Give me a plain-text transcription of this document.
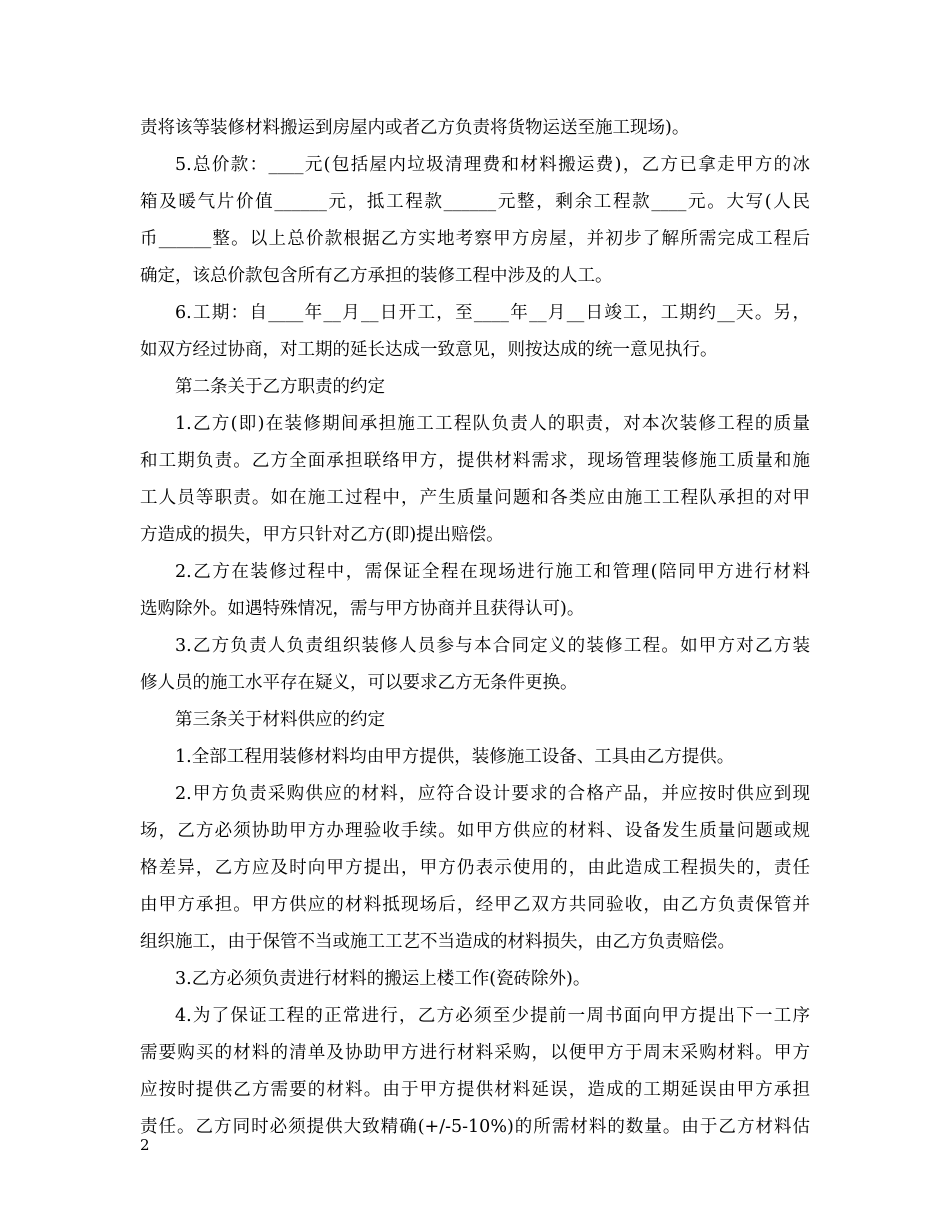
责将该等装修材料搬运到房屋内或者乙方负责将货物运送至施工现场)。
5.总价款：____元(包括屋内垃圾清理费和材料搬运费)，乙方已拿走甲方的冰
箱及暖气片价值______元，抵工程款______元整，剩余工程款____元。大写(人民
币______整。以上总价款根据乙方实地考察甲方房屋，并初步了解所需完成工程后
确定，该总价款包含所有乙方承担的装修工程中涉及的人工。
6.工期：自____年__月__日开工，至____年__月__日竣工，工期约__天。另，
如双方经过协商，对工期的延长达成一致意见，则按达成的统一意见执行。
第二条关于乙方职责的约定
1.乙方(即)在装修期间承担施工工程队负责人的职责，对本次装修工程的质量
和工期负责。乙方全面承担联络甲方，提供材料需求，现场管理装修施工质量和施
工人员等职责。如在施工过程中，产生质量问题和各类应由施工工程队承担的对甲
方造成的损失，甲方只针对乙方(即)提出赔偿。
2.乙方在装修过程中，需保证全程在现场进行施工和管理(陪同甲方进行材料
选购除外。如遇特殊情况，需与甲方协商并且获得认可)。
3.乙方负责人负责组织装修人员参与本合同定义的装修工程。如甲方对乙方装
修人员的施工水平存在疑义，可以要求乙方无条件更换。
第三条关于材料供应的约定
1.全部工程用装修材料均由甲方提供，装修施工设备、工具由乙方提供。
2.甲方负责采购供应的材料，应符合设计要求的合格产品，并应按时供应到现
场，乙方必须协助甲方办理验收手续。如甲方供应的材料、设备发生质量问题或规
格差异，乙方应及时向甲方提出，甲方仍表示使用的，由此造成工程损失的，责任
由甲方承担。甲方供应的材料抵现场后，经甲乙双方共同验收，由乙方负责保管并
组织施工，由于保管不当或施工工艺不当造成的材料损失，由乙方负责赔偿。
3.乙方必须负责进行材料的搬运上楼工作(瓷砖除外)。
4.为了保证工程的正常进行，乙方必须至少提前一周书面向甲方提出下一工序
需要购买的材料的清单及协助甲方进行材料采购，以便甲方于周末采购材料。甲方
应按时提供乙方需要的材料。由于甲方提供材料延误，造成的工期延误由甲方承担
责任。乙方同时必须提供大致精确(+/-5-10%)的所需材料的数量。由于乙方材料估
2
